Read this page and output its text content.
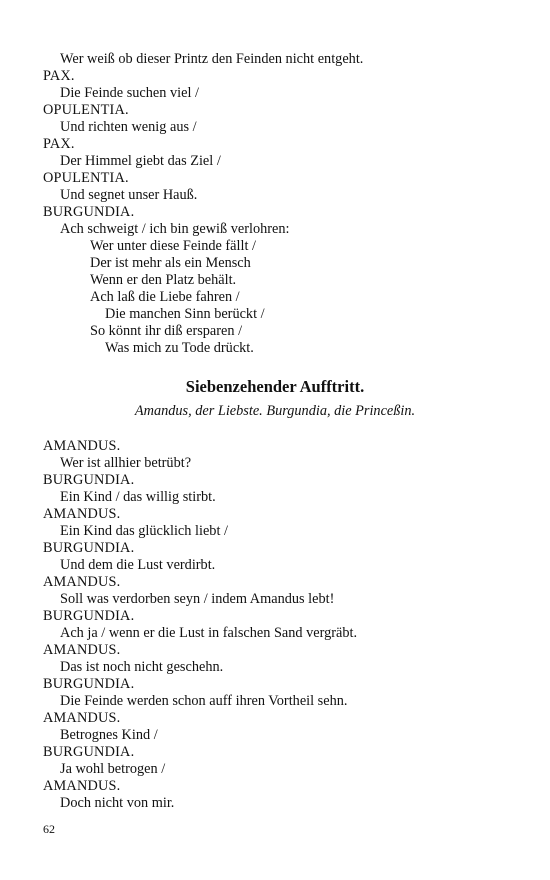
Wer weiß ob dieser Printz den Feinden nicht entgeht.
PAX.
Die Feinde suchen viel /
OPULENTIA.
Und richten wenig aus /
PAX.
Der Himmel giebt das Ziel /
OPULENTIA.
Und segnet unser Hauß.
BURGUNDIA.
Ach schweigt / ich bin gewiß verlohren:
Wer unter diese Feinde fällt /
Der ist mehr als ein Mensch
Wenn er den Platz behält.
Ach laß die Liebe fahren /
Die manchen Sinn berückt /
So könnt ihr diß ersparen /
Was mich zu Tode drückt.
Siebenzehender Aufftritt.
Amandus, der Liebste. Burgundia, die Princeßin.
AMANDUS.
Wer ist allhier betrübt?
BURGUNDIA.
Ein Kind / das willig stirbt.
AMANDUS.
Ein Kind das glücklich liebt /
BURGUNDIA.
Und dem die Lust verdirbt.
AMANDUS.
Soll was verdorben seyn / indem Amandus lebt!
BURGUNDIA.
Ach ja / wenn er die Lust in falschen Sand vergräbt.
AMANDUS.
Das ist noch nicht geschehn.
BURGUNDIA.
Die Feinde werden schon auff ihren Vortheil sehn.
AMANDUS.
Betrognes Kind /
BURGUNDIA.
Ja wohl betrogen /
AMANDUS.
Doch nicht von mir.
62
